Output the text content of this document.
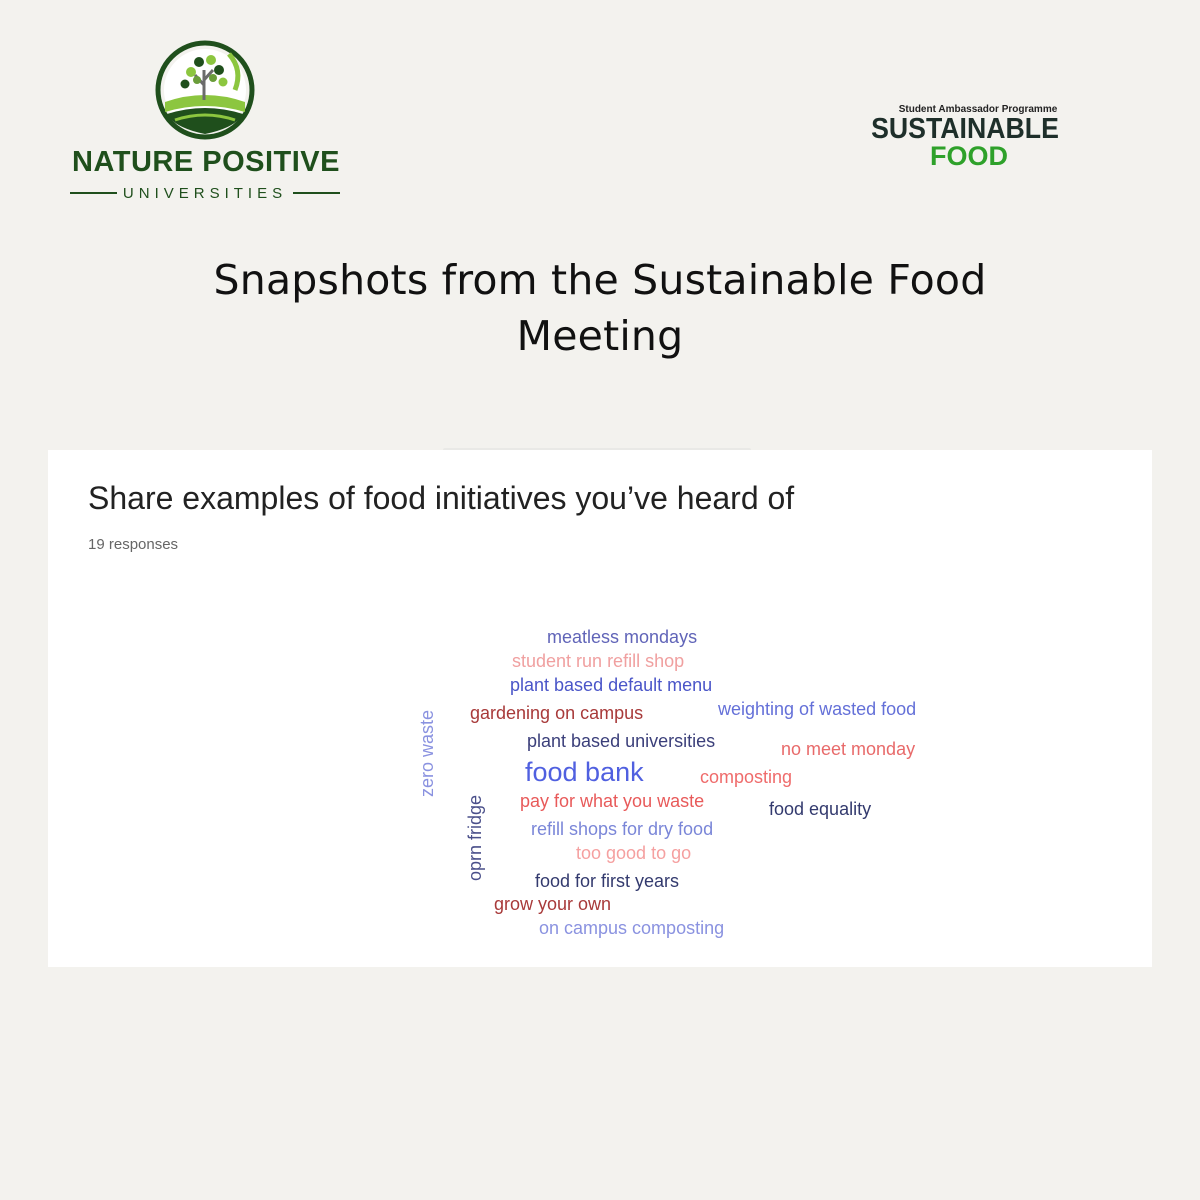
NATURE POSITIVE
UNIVERSITIES
Student Ambassador Programme
SUSTAINABLE
FOOD
Snapshots from the Sustainable Food Meeting
Share examples of food initiatives you’ve heard of
19 responses
meatless mondays
student run refill shop
plant based default menu
gardening on campus	weighting of wasted food
plant based universities	no meet monday
food bank	composting
pay for what you waste	food equality
refill shops for dry food
too good to go
food for first years
grow your own
on campus composting
zero waste
oprn fridge
